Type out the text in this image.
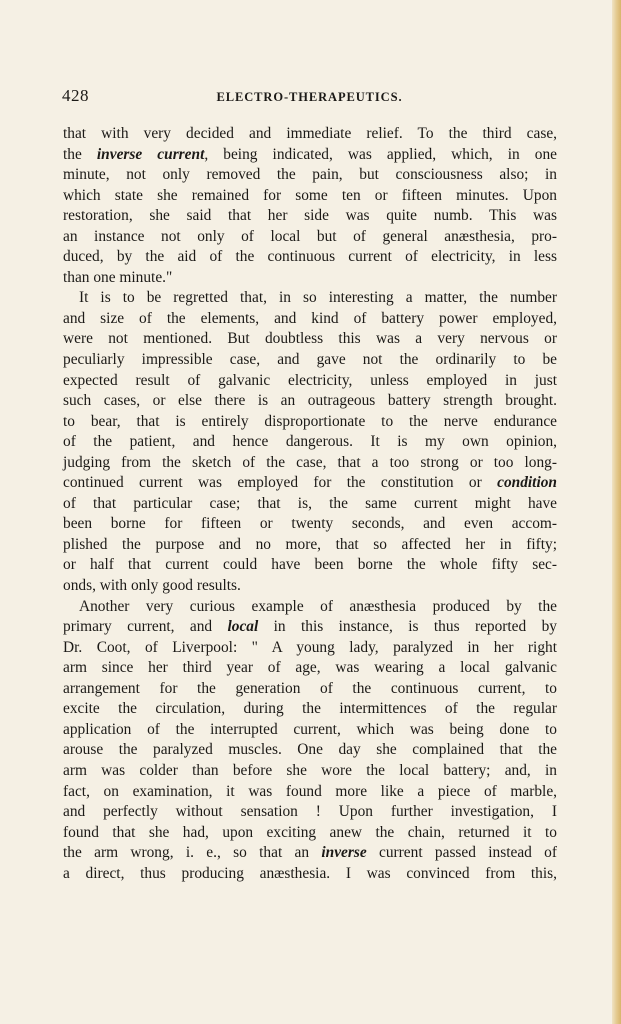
428	ELECTRO-THERAPEUTICS.
that with very decided and immediate relief. To the third case,
the inverse current, being indicated, was applied, which, in one
minute, not only removed the pain, but consciousness also; in
which state she remained for some ten or fifteen minutes. Upon
restoration, she said that her side was quite numb. This was
an instance not only of local but of general anæsthesia, pro-
duced, by the aid of the continuous current of electricity, in less
than one minute."
It is to be regretted that, in so interesting a matter, the number
and size of the elements, and kind of battery power employed,
were not mentioned. But doubtless this was a very nervous or
peculiarly impressible case, and gave not the ordinarily to be
expected result of galvanic electricity, unless employed in just
such cases, or else there is an outrageous battery strength brought.
to bear, that is entirely disproportionate to the nerve endurance
of the patient, and hence dangerous. It is my own opinion,
judging from the sketch of the case, that a too strong or too long-
continued current was employed for the constitution or condition
of that particular case; that is, the same current might have
been borne for fifteen or twenty seconds, and even accom-
plished the purpose and no more, that so affected her in fifty;
or half that current could have been borne the whole fifty sec-
onds, with only good results.
Another very curious example of anæsthesia produced by the
primary current, and local in this instance, is thus reported by
Dr. Coot, of Liverpool: " A young lady, paralyzed in her right
arm since her third year of age, was wearing a local galvanic
arrangement for the generation of the continuous current, to
excite the circulation, during the intermittences of the regular
application of the interrupted current, which was being done to
arouse the paralyzed muscles. One day she complained that the
arm was colder than before she wore the local battery; and, in
fact, on examination, it was found more like a piece of marble,
and perfectly without sensation ! Upon further investigation, I
found that she had, upon exciting anew the chain, returned it to
the arm wrong, i. e., so that an inverse current passed instead of
a direct, thus producing anæsthesia. I was convinced from this,
